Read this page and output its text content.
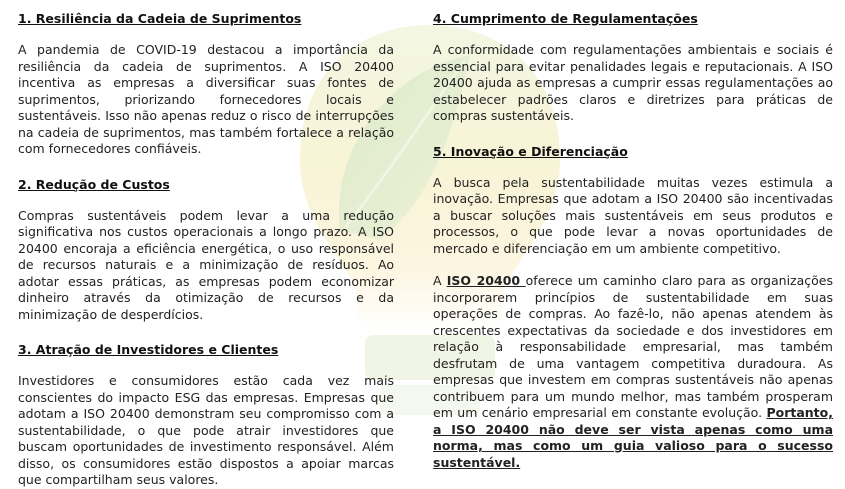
1. Resiliência da Cadeia de Suprimentos

A pandemia de COVID-19 destacou a importância da resiliência da cadeia de suprimentos. A ISO 20400 incentiva as empresas a diversificar suas fontes de suprimentos, priorizando fornecedores locais e sustentáveis. Isso não apenas reduz o risco de interrupções na cadeia de suprimentos, mas também fortalece a relação com fornecedores confiáveis.

2. Redução de Custos

Compras sustentáveis podem levar a uma redução significativa nos custos operacionais a longo prazo. A ISO 20400 encoraja a eficiência energética, o uso responsável de recursos naturais e a minimização de resíduos. Ao adotar essas práticas, as empresas podem economizar dinheiro através da otimização de recursos e da minimização de desperdícios.

3. Atração de Investidores e Clientes

Investidores e consumidores estão cada vez mais conscientes do impacto ESG das empresas. Empresas que adotam a ISO 20400 demonstram seu compromisso com a sustentabilidade, o que pode atrair investidores que buscam oportunidades de investimento responsável. Além disso, os consumidores estão dispostos a apoiar marcas que compartilham seus valores.

4. Cumprimento de Regulamentações

A conformidade com regulamentações ambientais e sociais é essencial para evitar penalidades legais e reputacionais. A ISO 20400 ajuda as empresas a cumprir essas regulamentações ao estabelecer padrões claros e diretrizes para práticas de compras sustentáveis.

5. Inovação e Diferenciação

A busca pela sustentabilidade muitas vezes estimula a inovação. Empresas que adotam a ISO 20400 são incentivadas a buscar soluções mais sustentáveis em seus produtos e processos, o que pode levar a novas oportunidades de mercado e diferenciação em um ambiente competitivo.

A ISO 20400 oferece um caminho claro para as organizações incorporarem princípios de sustentabilidade em suas operações de compras. Ao fazê-lo, não apenas atendem às crescentes expectativas da sociedade e dos investidores em relação à responsabilidade empresarial, mas também desfrutam de uma vantagem competitiva duradoura. As empresas que investem em compras sustentáveis não apenas contribuem para um mundo melhor, mas também prosperam em um cenário empresarial em constante evolução. Portanto, a ISO 20400 não deve ser vista apenas como uma norma, mas como um guia valioso para o sucesso sustentável.
